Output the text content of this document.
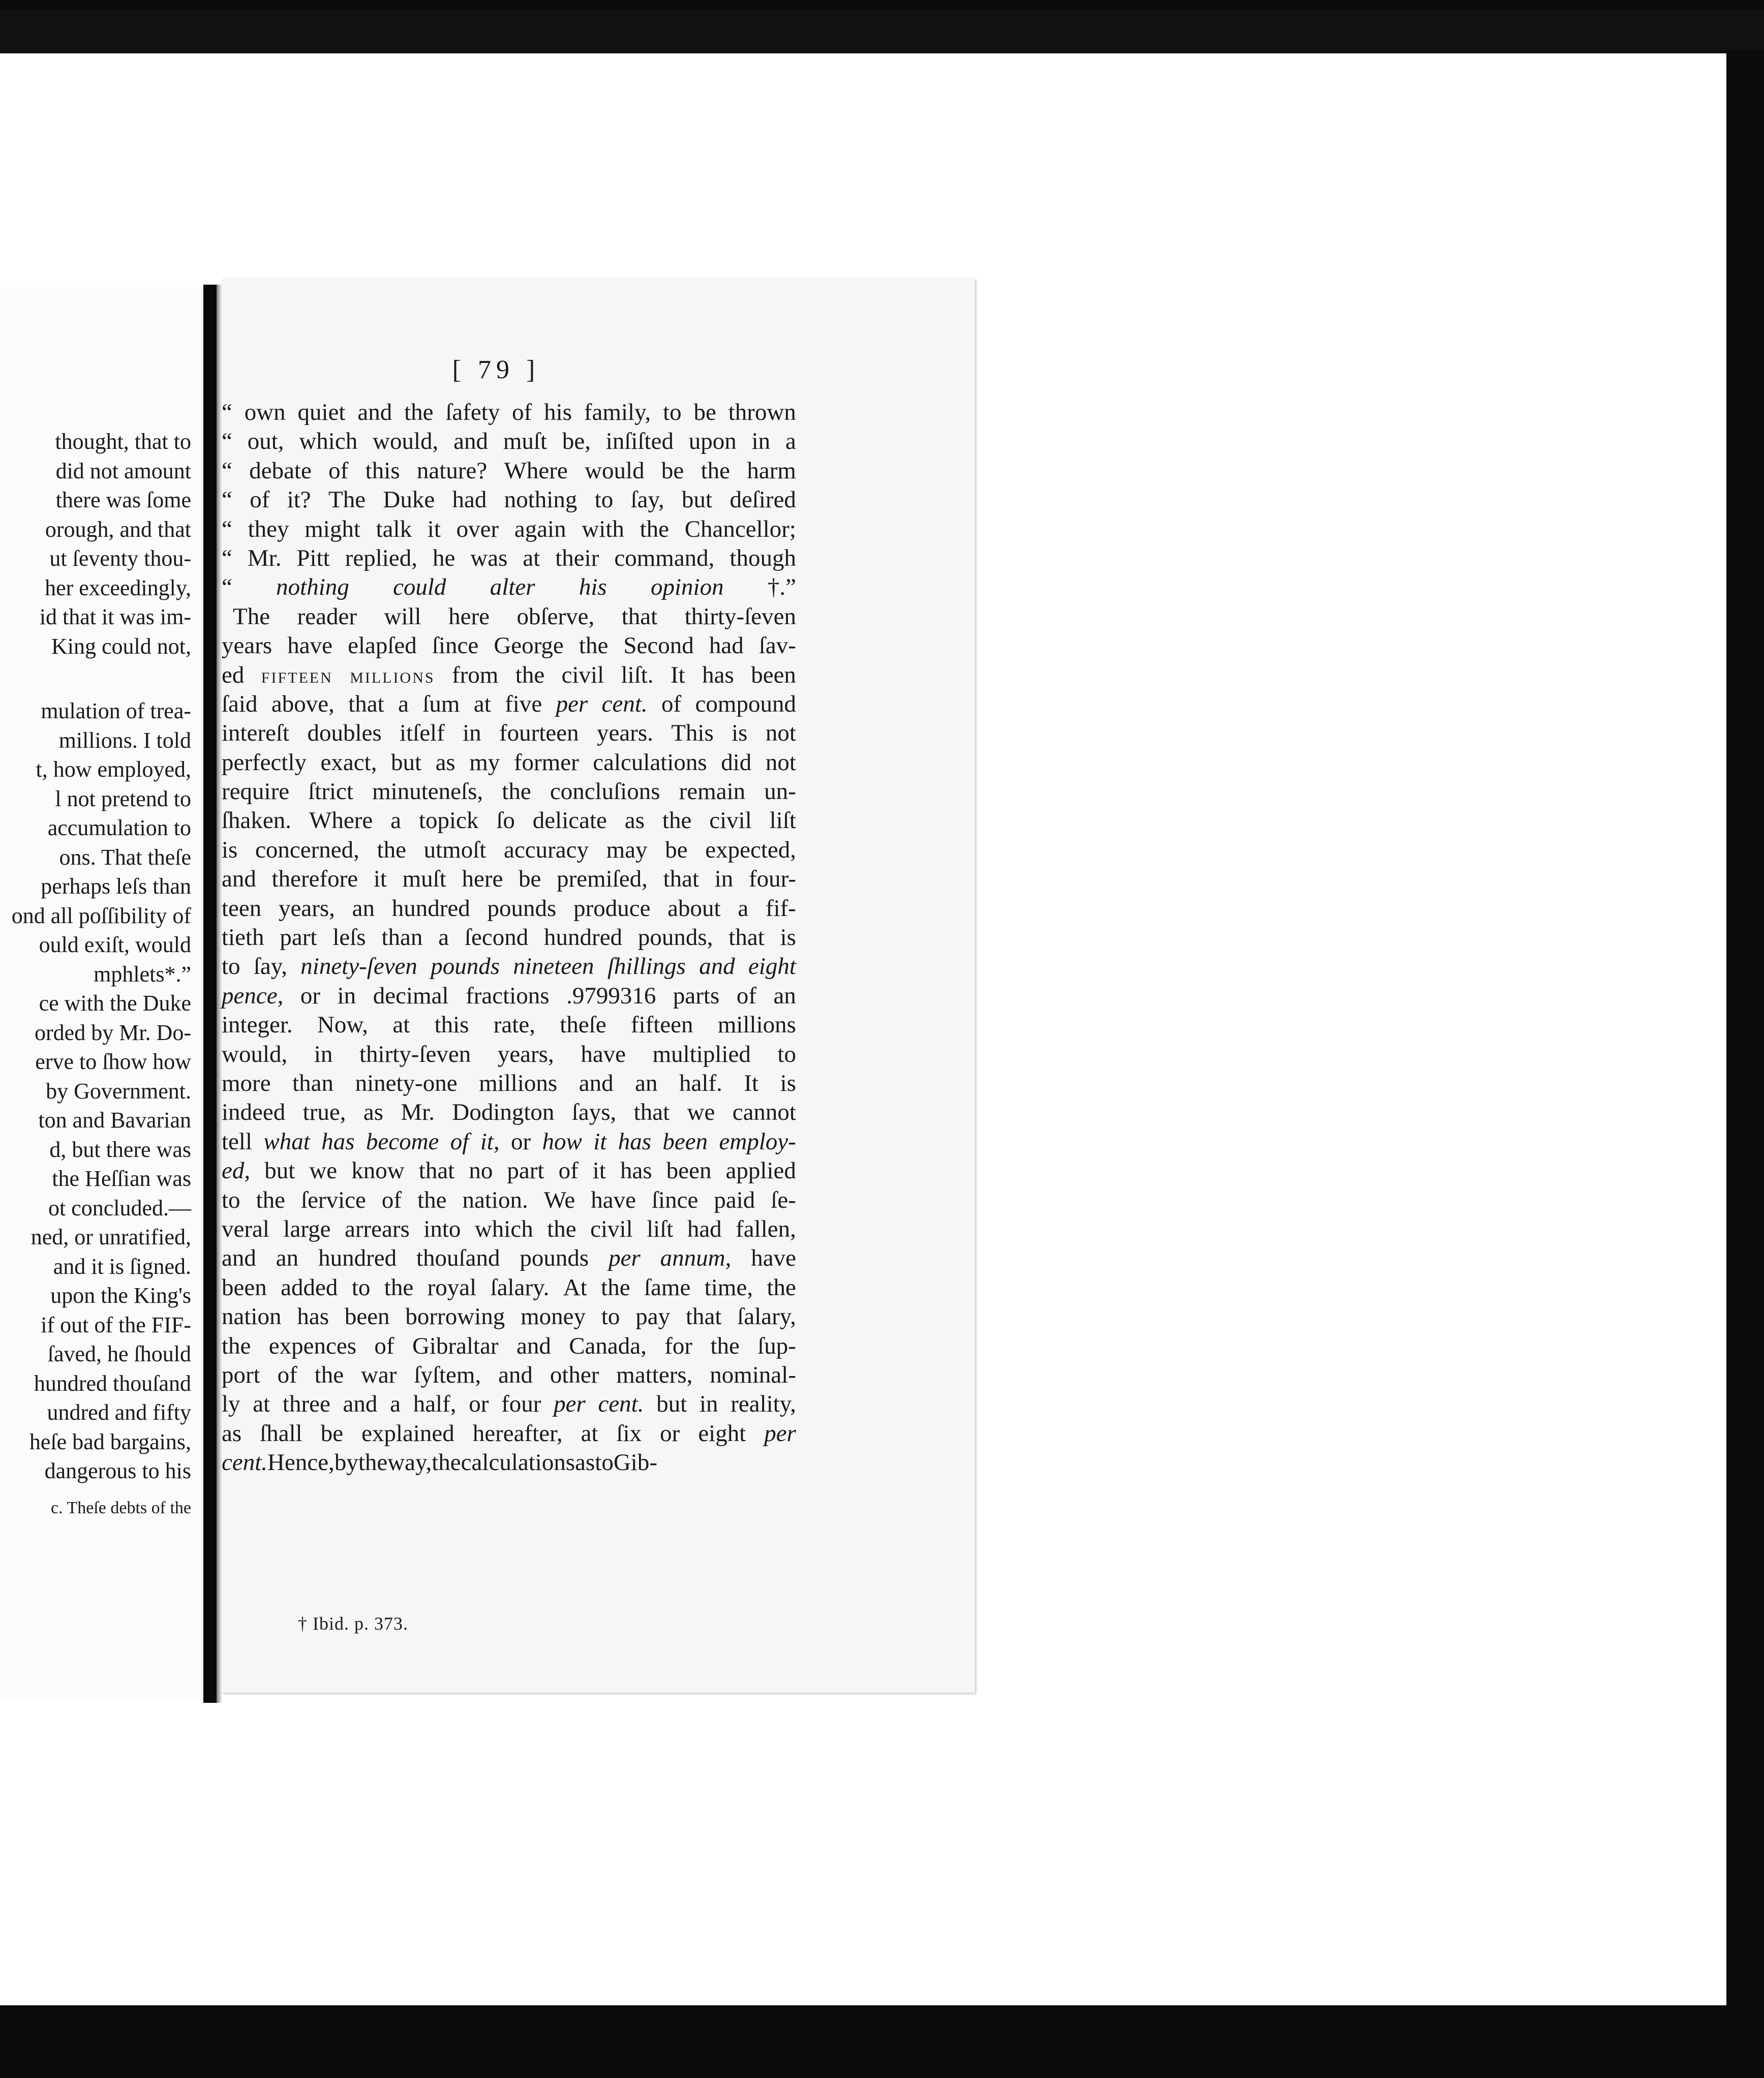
thought, that to
did not amount
there was ſome
orough, and that
ut ſeventy thou-
her exceedingly,
id that it was im-
King could not,
mulation of trea-
millions. I told
t, how employed,
l not pretend to
accumulation to
ons. That theſe
perhaps leſs than
ond all poſſibility of
ould exiſt, would
mphlets*.”
ce with the Duke
orded by Mr. Do-
erve to ſhow how
by Government.
ton and Bavarian
d, but there was
the Heſſian was
ot concluded.—
ned, or unratified,
and it is ſigned.
upon the King's
if out of the FIF-
ſaved, he ſhould
hundred thouſand
undred and fifty
heſe bad bargains,
dangerous to his
c. Theſe debts of the
[ 79 ]
“ own quiet and the ſafety of his family, to be thrown
“ out, which would, and muſt be, inſiſted upon in a
“ debate of this nature? Where would be the harm
“ of it? The Duke had nothing to ſay, but deſired
“ they might talk it over again with the Chancellor;
“ Mr. Pitt replied, he was at their command, though
“ nothing could alter his opinion †.”
The reader will here obſerve, that thirty-ſeven
years have elapſed ſince George the Second had ſav-
ed FIFTEEN MILLIONS from the civil liſt. It has been
ſaid above, that a ſum at five per cent. of compound
intereſt doubles itſelf in fourteen years. This is not
perfectly exact, but as my former calculations did not
require ſtrict minuteneſs, the concluſions remain un-
ſhaken. Where a topick ſo delicate as the civil liſt
is concerned, the utmoſt accuracy may be expected,
and therefore it muſt here be premiſed, that in four-
teen years, an hundred pounds produce about a fif-
tieth part leſs than a ſecond hundred pounds, that is
to ſay, ninety-ſeven pounds nineteen ſhillings and eight
pence, or in decimal fractions .9799316 parts of an
integer. Now, at this rate, theſe fifteen millions
would, in thirty-ſeven years, have multiplied to
more than ninety-one millions and an half. It is
indeed true, as Mr. Dodington ſays, that we cannot
tell what has become of it, or how it has been employ-
ed, but we know that no part of it has been applied
to the ſervice of the nation. We have ſince paid ſe-
veral large arrears into which the civil liſt had fallen,
and an hundred thouſand pounds per annum, have
been added to the royal ſalary. At the ſame time, the
nation has been borrowing money to pay that ſalary,
the expences of Gibraltar and Canada, for the ſup-
port of the war ſyſtem, and other matters, nominal-
ly at three and a half, or four per cent. but in reality,
as ſhall be explained hereafter, at ſix or eight per
cent. Hence, by the way, the calculations as to Gib-
† Ibid. p. 373.
